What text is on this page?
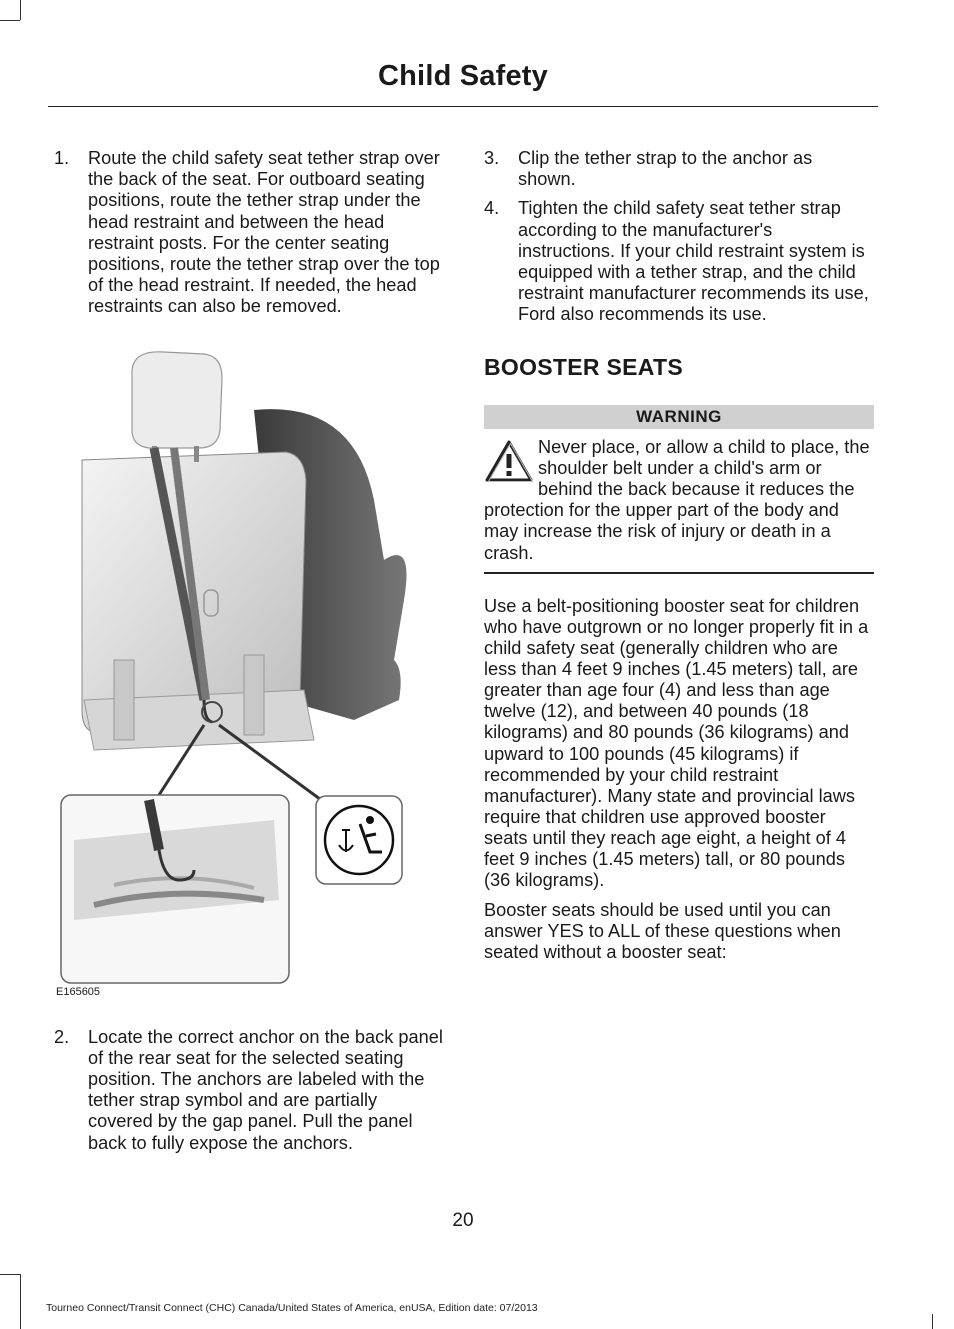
Child Safety
1.	Route the child safety seat tether strap over the back of the seat. For outboard seating positions, route the tether strap under the head restraint and between the head restraint posts. For the center seating positions, route the tether strap over the top of the head restraint. If needed, the head restraints can also be removed.
E165605
2.	Locate the correct anchor on the back panel of the rear seat for the selected seating position. The anchors are labeled with the tether strap symbol and are partially covered by the gap panel. Pull the panel back to fully expose the anchors.
3.	Clip the tether strap to the anchor as shown.
4.	Tighten the child safety seat tether strap according to the manufacturer's instructions. If your child restraint system is equipped with a tether strap, and the child restraint manufacturer recommends its use, Ford also recommends its use.
BOOSTER SEATS
WARNING
Never place, or allow a child to place, the shoulder belt under a child's arm or behind the back because it reduces the protection for the upper part of the body and may increase the risk of injury or death in a crash.

Use a belt-positioning booster seat for children who have outgrown or no longer properly fit in a child safety seat (generally children who are less than 4 feet 9 inches (1.45 meters) tall, are greater than age four (4) and less than age twelve (12), and between 40 pounds (18 kilograms) and 80 pounds (36 kilograms) and upward to 100 pounds (45 kilograms) if recommended by your child restraint manufacturer). Many state and provincial laws require that children use approved booster seats until they reach age eight, a height of 4 feet 9 inches (1.45 meters) tall, or 80 pounds (36 kilograms).

Booster seats should be used until you can answer YES to ALL of these questions when seated without a booster seat:

20
Tourneo Connect/Transit Connect (CHC) Canada/United States of America, enUSA, Edition date: 07/2013
